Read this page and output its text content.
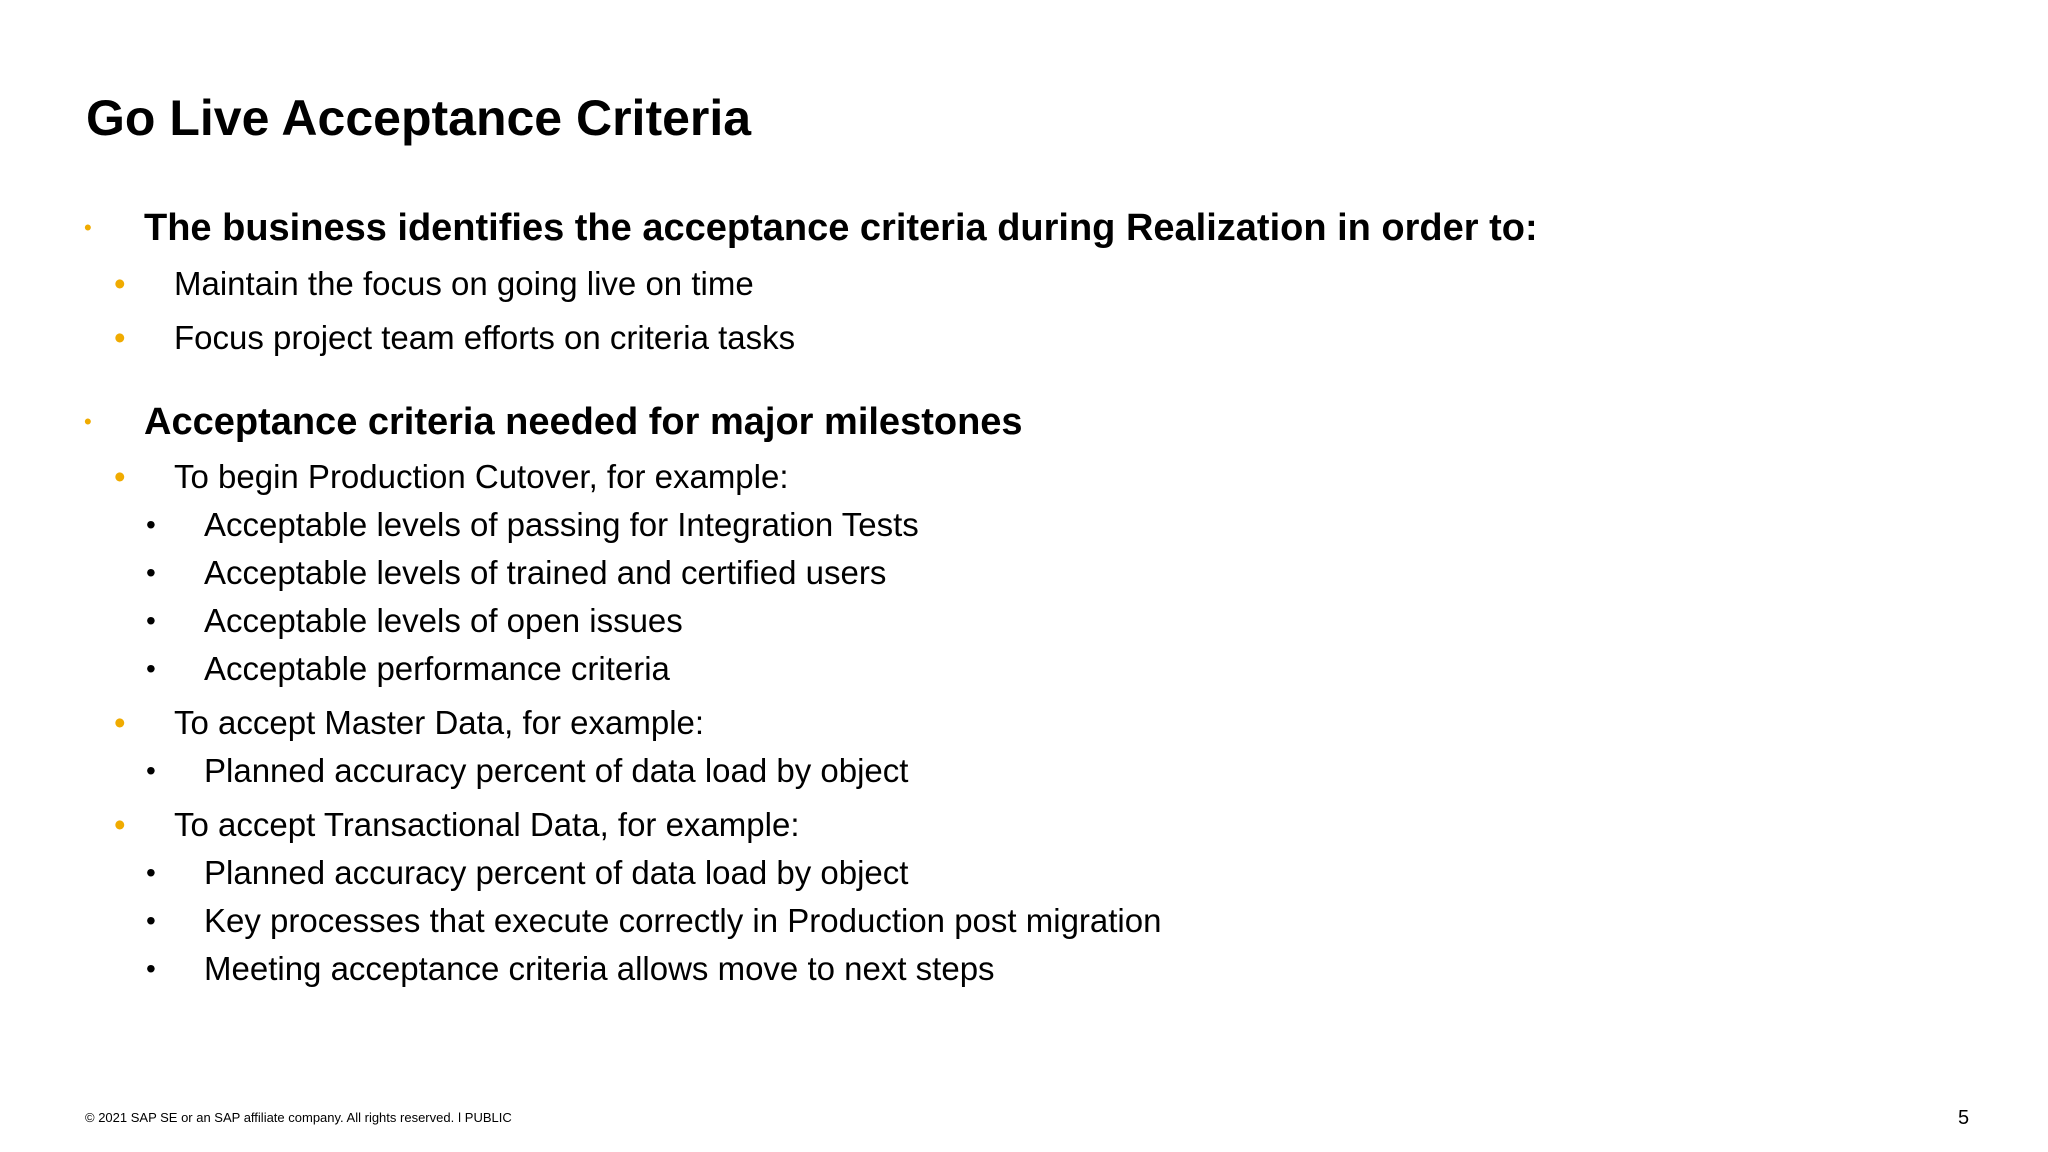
Go Live Acceptance Criteria
• The business identifies the acceptance criteria during Realization in order to:
• Maintain the focus on going live on time
• Focus project team efforts on criteria tasks
• Acceptance criteria needed for major milestones
• To begin Production Cutover, for example:
• Acceptable levels of passing for Integration Tests
• Acceptable levels of trained and certified users
• Acceptable levels of open issues
• Acceptable performance criteria
• To accept Master Data, for example:
• Planned accuracy percent of data load by object
• To accept Transactional Data, for example:
• Planned accuracy percent of data load by object
• Key processes that execute correctly in Production post migration
• Meeting acceptance criteria allows move to next steps
© 2021 SAP SE or an SAP affiliate company. All rights reserved. ǀ PUBLIC	5
